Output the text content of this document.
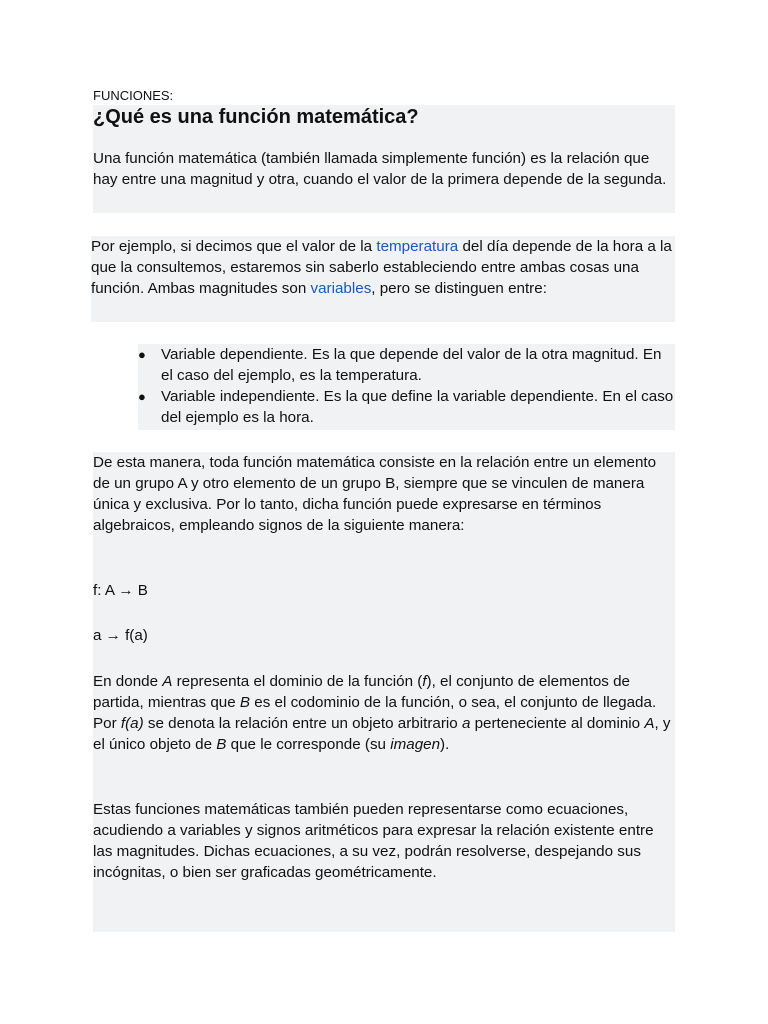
FUNCIONES:
¿Qué es una función matemática?

Una función matemática (también llamada simplemente función) es la relación que hay entre una magnitud y otra, cuando el valor de la primera depende de la segunda.

Por ejemplo, si decimos que el valor de la temperatura del día depende de la hora a la que la consultemos, estaremos sin saberlo estableciendo entre ambas cosas una función. Ambas magnitudes son variables, pero se distinguen entre:

● Variable dependiente. Es la que depende del valor de la otra magnitud. En el caso del ejemplo, es la temperatura.
● Variable independiente. Es la que define la variable dependiente. En el caso del ejemplo es la hora.

De esta manera, toda función matemática consiste en la relación entre un elemento de un grupo A y otro elemento de un grupo B, siempre que se vinculen de manera única y exclusiva. Por lo tanto, dicha función puede expresarse en términos algebraicos, empleando signos de la siguiente manera:

f: A → B

a → f(a)

En donde A representa el dominio de la función (f), el conjunto de elementos de partida, mientras que B es el codominio de la función, o sea, el conjunto de llegada. Por f(a) se denota la relación entre un objeto arbitrario a perteneciente al dominio A, y el único objeto de B que le corresponde (su imagen).

Estas funciones matemáticas también pueden representarse como ecuaciones, acudiendo a variables y signos aritméticos para expresar la relación existente entre las magnitudes. Dichas ecuaciones, a su vez, podrán resolverse, despejando sus incógnitas, o bien ser graficadas geométricamente.
